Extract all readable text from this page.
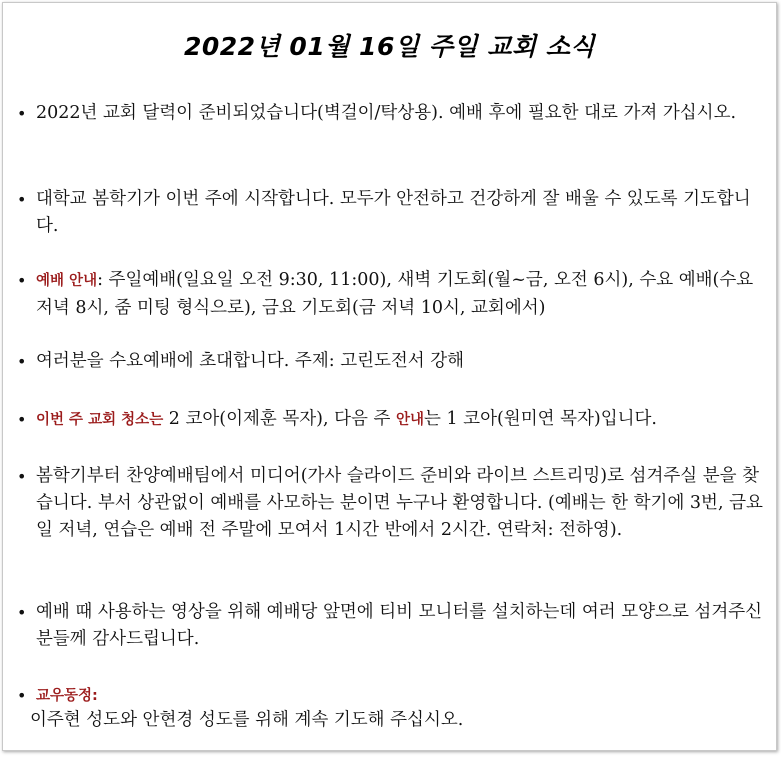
2022년 01월 16일 주일 교회 소식
• 2022년 교회 달력이 준비되었습니다(벽걸이/탁상용). 예배 후에 필요한 대로 가져 가십시오.
• 대학교 봄학기가 이번 주에 시작합니다. 모두가 안전하고 건강하게 잘 배울 수 있도록 기도합니다.
• 예배 안내: 주일예배(일요일 오전 9:30, 11:00), 새벽 기도회(월~금, 오전 6시), 수요 예배(수요 저녁 8시, 줌 미팅 형식으로), 금요 기도회(금 저녁 10시, 교회에서)
• 여러분을 수요예배에 초대합니다. 주제: 고린도전서 강해
• 이번 주 교회 청소는 2 코아(이제훈 목자), 다음 주 안내는 1 코아(원미연 목자)입니다.
• 봄학기부터 찬양예배팀에서 미디어(가사 슬라이드 준비와 라이브 스트리밍)로 섬겨주실 분을 찾습니다. 부서 상관없이 예배를 사모하는 분이면 누구나 환영합니다. (예배는 한 학기에 3번, 금요일 저녁, 연습은 예배 전 주말에 모여서 1시간 반에서 2시간. 연락처: 전하영).
• 예배 때 사용하는 영상을 위해 예배당 앞면에 티비 모니터를 설치하는데 여러 모양으로 섬겨주신 분들께 감사드립니다.
• 교우동정:
이주현 성도와 안현경 성도를 위해 계속 기도해 주십시오.
